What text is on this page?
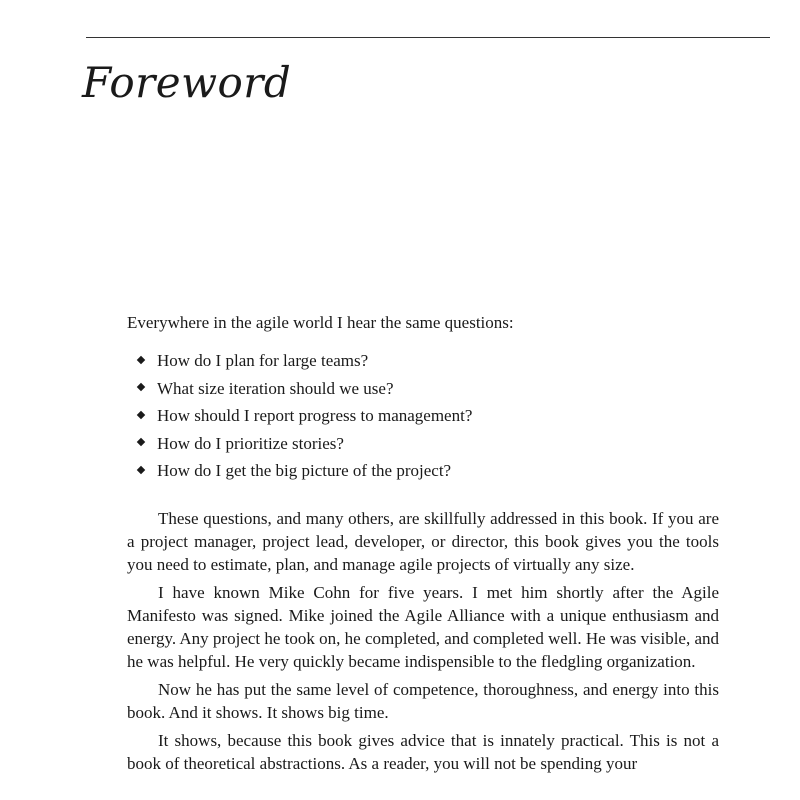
Foreword

Everywhere in the agile world I hear the same questions:

How do I plan for large teams?
What size iteration should we use?
How should I report progress to management?
How do I prioritize stories?
How do I get the big picture of the project?

These questions, and many others, are skillfully addressed in this book. If you are a project manager, project lead, developer, or director, this book gives you the tools you need to estimate, plan, and manage agile projects of virtually any size.

I have known Mike Cohn for five years. I met him shortly after the Agile Manifesto was signed. Mike joined the Agile Alliance with a unique enthusiasm and energy. Any project he took on, he completed, and completed well. He was visible, and he was helpful. He very quickly became indispensible to the fledgling organization.

Now he has put the same level of competence, thoroughness, and energy into this book. And it shows. It shows big time.

It shows, because this book gives advice that is innately practical. This is not a book of theoretical abstractions. As a reader, you will not be spending your
